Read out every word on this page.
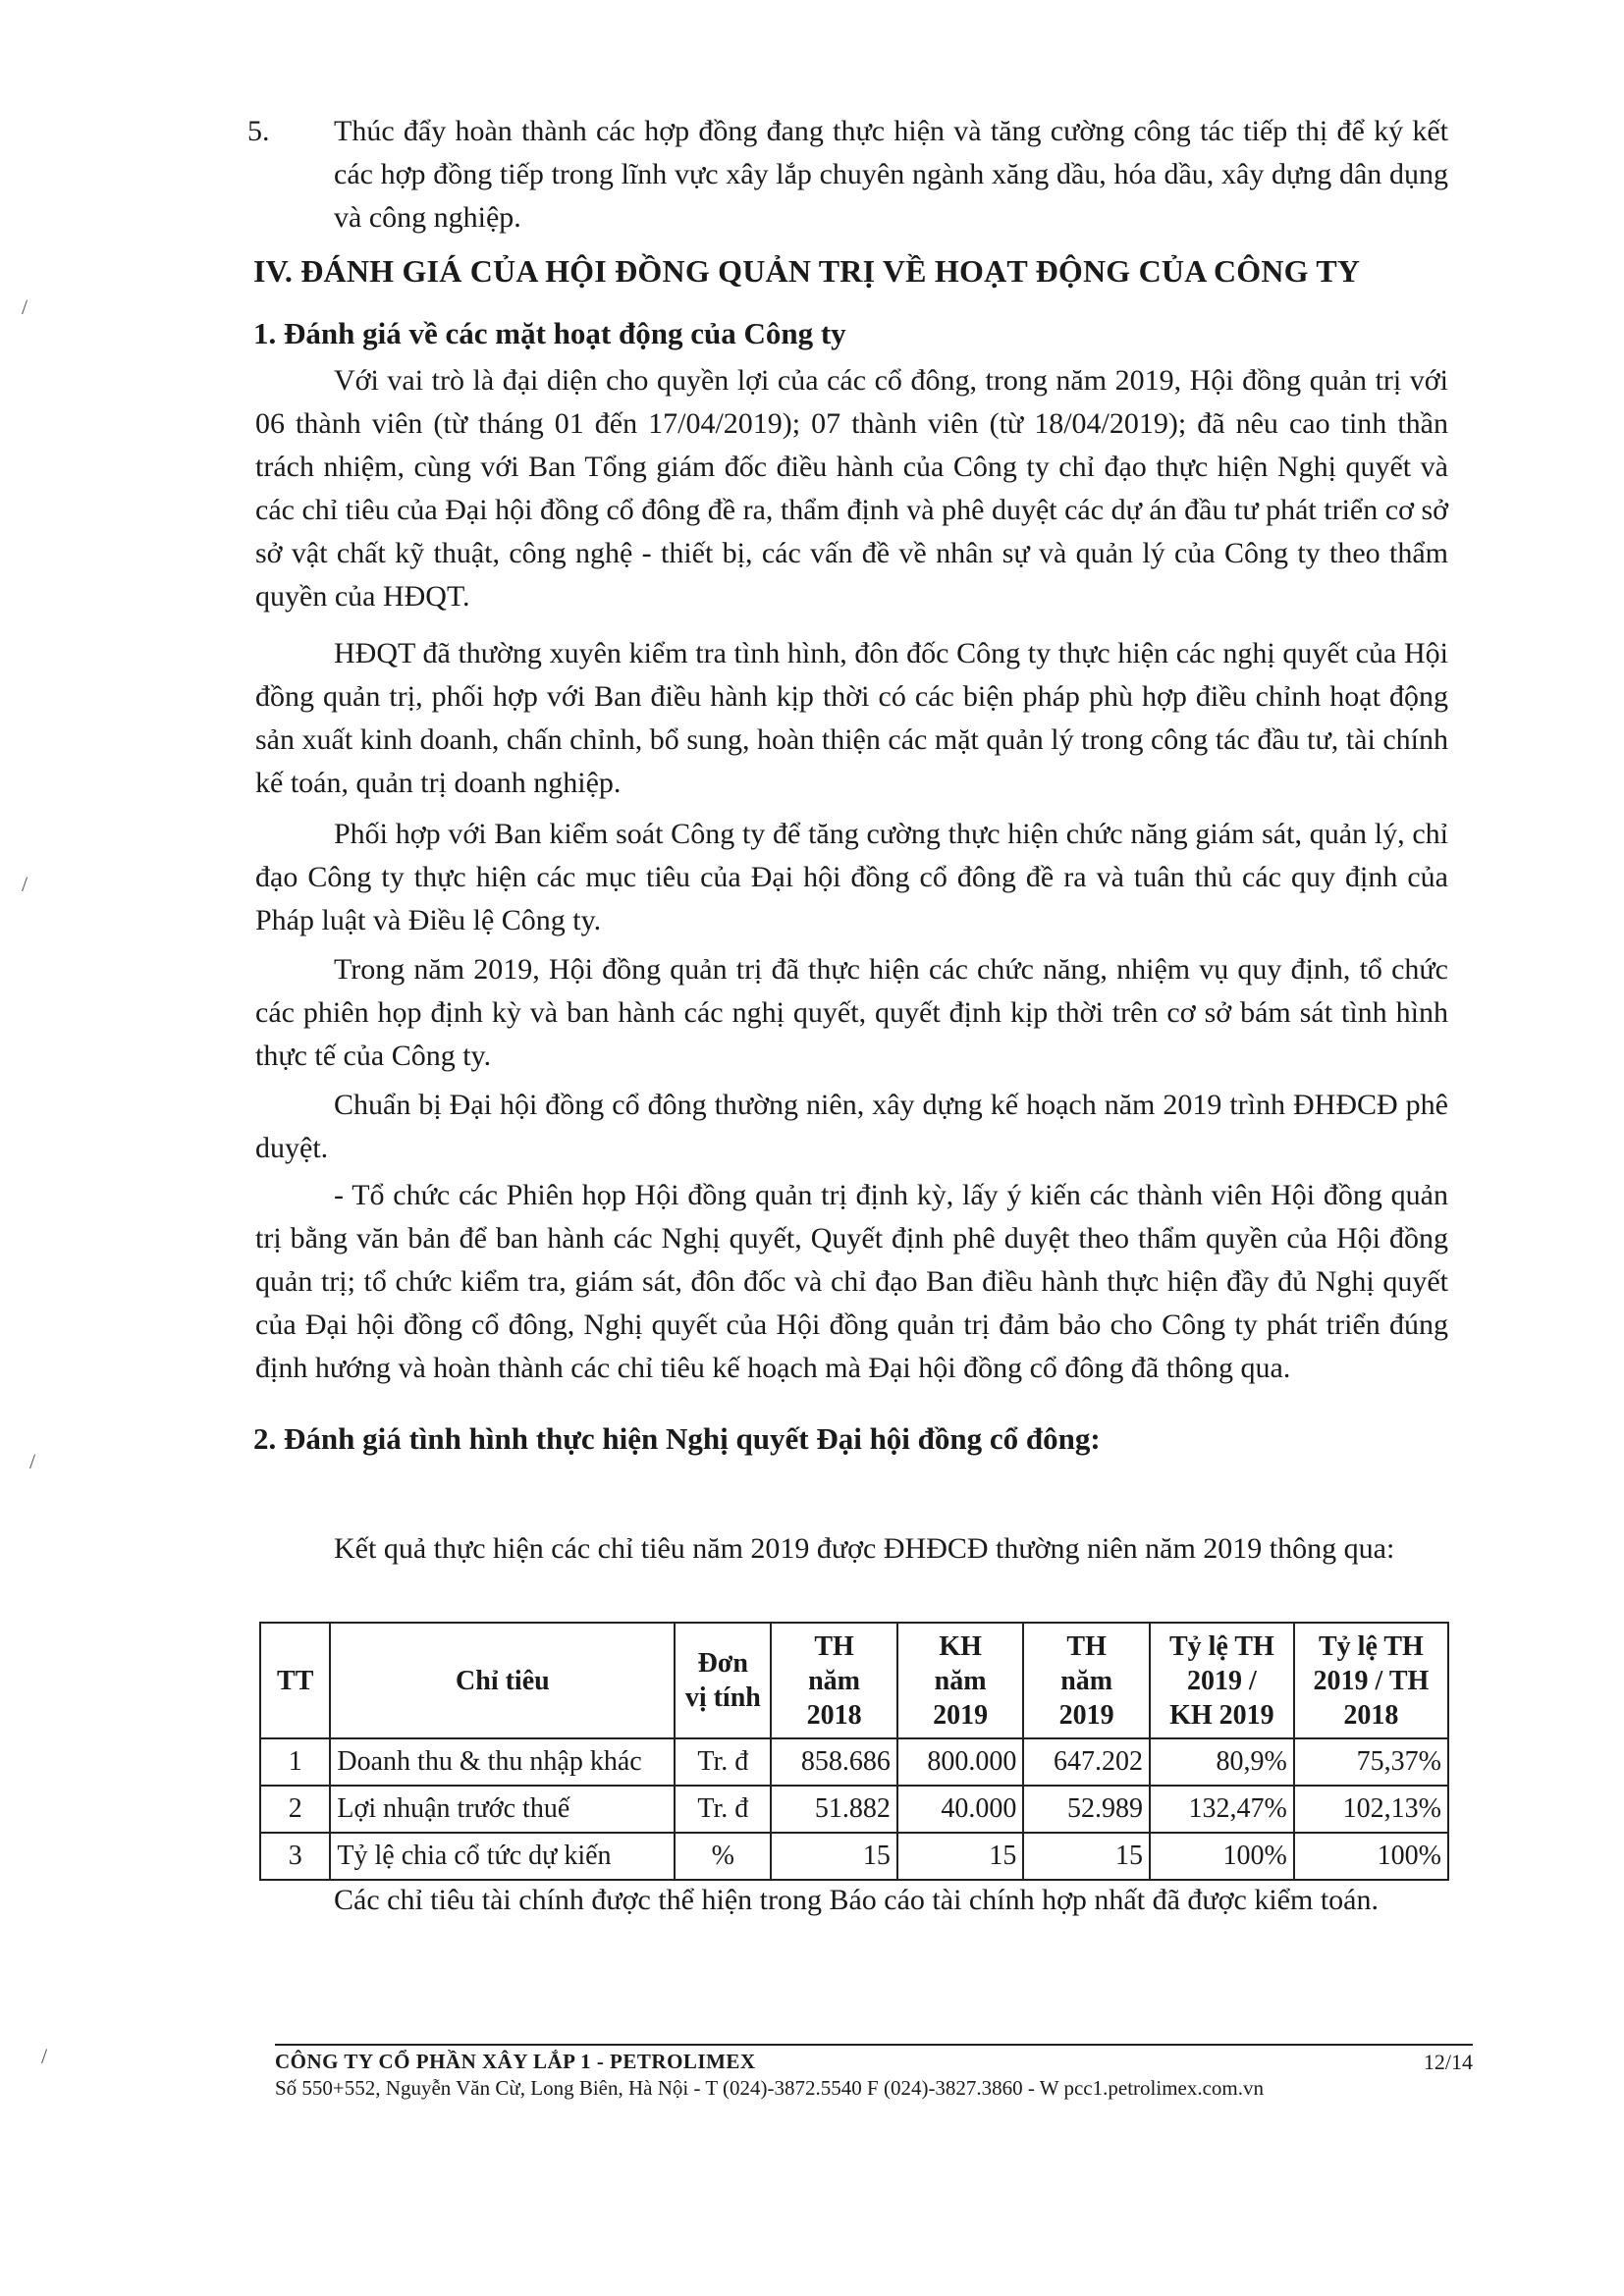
5. Thúc đẩy hoàn thành các hợp đồng đang thực hiện và tăng cường công tác tiếp thị để ký kết các hợp đồng tiếp trong lĩnh vực xây lắp chuyên ngành xăng dầu, hóa dầu, xây dựng dân dụng và công nghiệp.

IV. ĐÁNH GIÁ CỦA HỘI ĐỒNG QUẢN TRỊ VỀ HOẠT ĐỘNG CỦA CÔNG TY
1. Đánh giá về các mặt hoạt động của Công ty

Với vai trò là đại diện cho quyền lợi của các cổ đông, trong năm 2019, Hội đồng quản trị với 06 thành viên (từ tháng 01 đến 17/04/2019); 07 thành viên (từ 18/04/2019); đã nêu cao tinh thần trách nhiệm, cùng với Ban Tổng giám đốc điều hành của Công ty chỉ đạo thực hiện Nghị quyết và các chỉ tiêu của Đại hội đồng cổ đông đề ra, thẩm định và phê duyệt các dự án đầu tư phát triển cơ sở sở vật chất kỹ thuật, công nghệ - thiết bị, các vấn đề về nhân sự và quản lý của Công ty theo thẩm quyền của HĐQT.

HĐQT đã thường xuyên kiểm tra tình hình, đôn đốc Công ty thực hiện các nghị quyết của Hội đồng quản trị, phối hợp với Ban điều hành kịp thời có các biện pháp phù hợp điều chỉnh hoạt động sản xuất kinh doanh, chấn chỉnh, bổ sung, hoàn thiện các mặt quản lý trong công tác đầu tư, tài chính kế toán, quản trị doanh nghiệp.

Phối hợp với Ban kiểm soát Công ty để tăng cường thực hiện chức năng giám sát, quản lý, chỉ đạo Công ty thực hiện các mục tiêu của Đại hội đồng cổ đông đề ra và tuân thủ các quy định của Pháp luật và Điều lệ Công ty.

Trong năm 2019, Hội đồng quản trị đã thực hiện các chức năng, nhiệm vụ quy định, tổ chức các phiên họp định kỳ và ban hành các nghị quyết, quyết định kịp thời trên cơ sở bám sát tình hình thực tế của Công ty.

Chuẩn bị Đại hội đồng cổ đông thường niên, xây dựng kế hoạch năm 2019 trình ĐHĐCĐ phê duyệt.

- Tổ chức các Phiên họp Hội đồng quản trị định kỳ, lấy ý kiến các thành viên Hội đồng quản trị bằng văn bản để ban hành các Nghị quyết, Quyết định phê duyệt theo thẩm quyền của Hội đồng quản trị; tổ chức kiểm tra, giám sát, đôn đốc và chỉ đạo Ban điều hành thực hiện đầy đủ Nghị quyết của Đại hội đồng cổ đông, Nghị quyết của Hội đồng quản trị đảm bảo cho Công ty phát triển đúng định hướng và hoàn thành các chỉ tiêu kế hoạch mà Đại hội đồng cổ đông đã thông qua.

2. Đánh giá tình hình thực hiện Nghị quyết Đại hội đồng cổ đông:

Kết quả thực hiện các chỉ tiêu năm 2019 được ĐHĐCĐ thường niên năm 2019 thông qua:

TT	Chỉ tiêu	Đơn
vị tính	TH
năm
2018	KH
năm
2019	TH
năm
2019	Tỷ lệ TH
2019 /
KH 2019	Tỷ lệ TH
2019 / TH
2018
1	Doanh thu & thu nhập khác	Tr. đ	858.686	800.000	647.202	80,9%	75,37%
2	Lợi nhuận trước thuế	Tr. đ	51.882	40.000	52.989	132,47%	102,13%
3	Tỷ lệ chia cổ tức dự kiến	%	15	15	15	100%	100%

Các chỉ tiêu tài chính được thể hiện trong Báo cáo tài chính hợp nhất đã được kiểm toán.

CÔNG TY CỔ PHẦN XÂY LẮP 1 - PETROLIMEX
Số 550+552, Nguyễn Văn Cừ, Long Biên, Hà Nội - T (024)-3872.5540 F (024)-3827.3860 - W pcc1.petrolimex.com.vn
12/14
/
/
/
/
